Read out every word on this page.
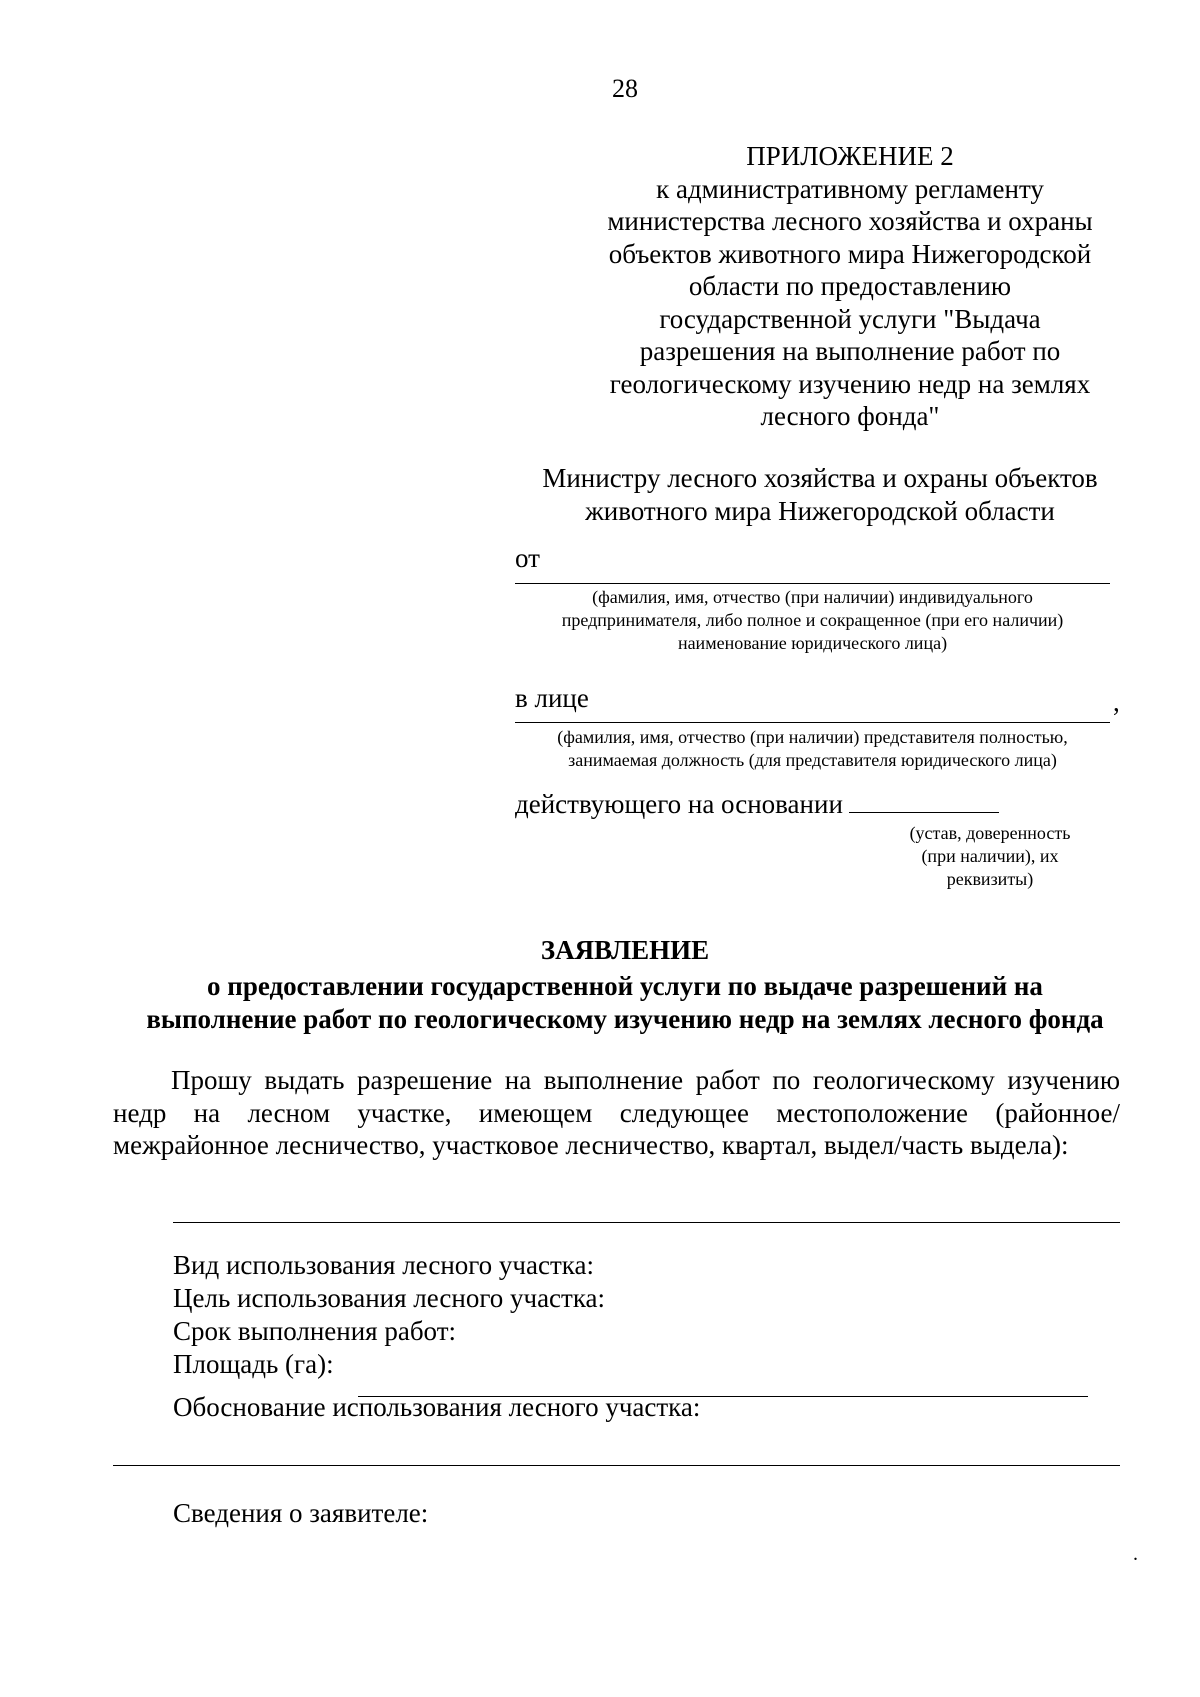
28
ПРИЛОЖЕНИЕ 2
к административному регламенту
министерства лесного хозяйства и охраны
объектов животного мира Нижегородской
области по предоставлению
государственной услуги "Выдача
разрешения на выполнение работ по
геологическому изучению недр на землях
лесного фонда"
Министру лесного хозяйства и охраны объектов
животного мира Нижегородской области
от
(фамилия, имя, отчество (при наличии) индивидуального
предпринимателя, либо полное и сокращенное (при его наличии)
наименование юридического лица)
в лице	,
(фамилия, имя, отчество (при наличии) представителя полностью,
занимаемая должность (для представителя юридического лица)
действующего на основании
(устав, доверенность
(при наличии), их
реквизиты)
ЗАЯВЛЕНИЕ
о предоставлении государственной услуги по выдаче разрешений на
выполнение работ по геологическому изучению недр на землях лесного фонда
Прошу выдать разрешение на выполнение работ по геологическому изучению недр на лесном участке, имеющем следующее местоположение (районное/межрайонное лесничество, участковое лесничество, квартал, выдел/часть выдела):
Вид использования лесного участка:
Цель использования лесного участка:
Срок выполнения работ:
Площадь (га):
Обоснование использования лесного участка:
Сведения о заявителе:
.
